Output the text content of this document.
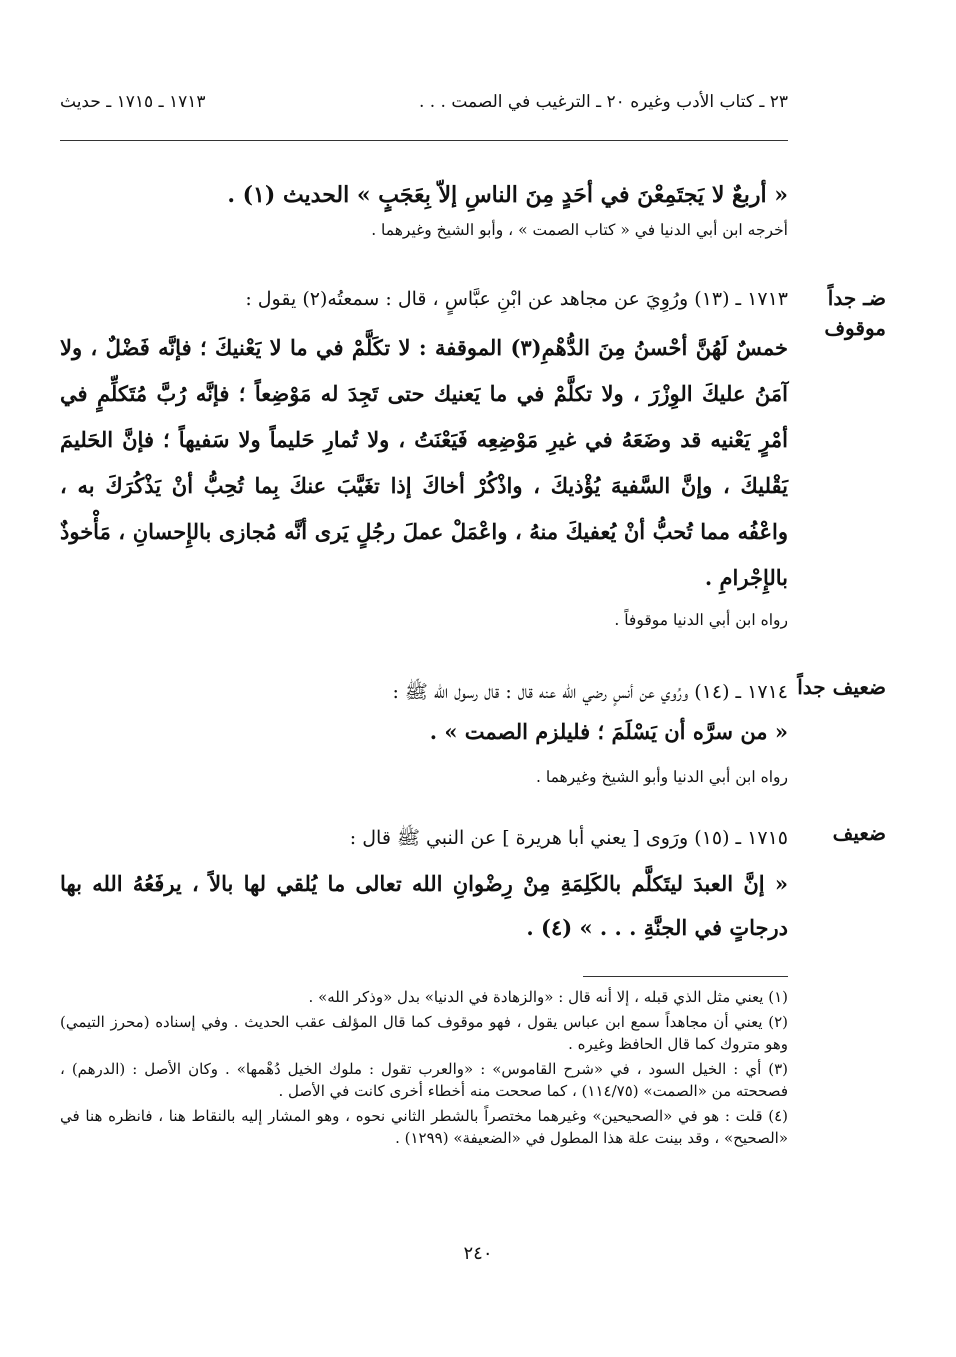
٢٣ ـ كتاب الأدب وغيره ٢٠ ـ الترغيب في الصمت . . .
١٧١٣ ـ ١٧١٥ ـ حديث
« أربعٌ لا يَجتَمِعْنَ في أحَدٍ مِنَ الناسِ إلاّ بِعَجَبٍ » الحديث (١) .
أخرجه ابن أبي الدنيا في « كتاب الصمت » ، وأبو الشيخ وغيرهما .
ضـ جداً موقوف
١٧١٣ ـ (١٣) ورُوِيَ عن مجاهد عن ابْنِ عبَّاسٍ ، قال : سمعتُه(٢) يقول :
خمسٌ لَهُنَّ أحْسنُ مِنَ الدُّهْمِ(٣) الموقفة : لا تكَلَّمْ في ما لا يَعْنيكَ ؛ فإنَّه فَضْلٌ ، ولا آمَنُ عليكَ الوِزْرَ ، ولا تكلَّمْ في ما يَعنيك حتى تَجِدَ له مَوْضِعاً ؛ فإنَّه رُبَّ مُتَكلِّمٍ في أمْرٍ يَعْنيه قد وضَعَهُ في غيرِ مَوْضِعِه فَيَعْنَتُ ، ولا تُمارِ حَليماً ولا سَفيهاً ؛ فإنَّ الحَليمَ يَقْليكَ ، وإنَّ السَّفيهَ يُؤْذيكَ ، واذْكُرْ أخاكَ إذا تغَيَّبَ عنكَ بِما تُحِبُّ أنْ يَذْكُرَكَ به ، واعْفُه مما تُحبُّ أنْ يُعفيكَ منهُ ، واعْمَلْ عملَ رجُلٍ يَرى أنَّه مُجازى بالإِحسانِ ، مَأْخوذٌ بالإِجْرامِ .
رواه ابن أبي الدنيا موقوفاً .
ضعيف جداً
١٧١٤ ـ (١٤) ورُوي عن أنسٍ رضي الله عنه قال : قال رسول الله ﷺ :
« من سرَّه أن يَسْلَمَ ؛ فليلزم الصمت » .
رواه ابن أبي الدنيا وأبو الشيخ وغيرهما .
ضعيف
١٧١٥ ـ (١٥) ورَوى [ يعني أبا هريرة ] عن النبي ﷺ قال :
« إنَّ العبدَ ليتَكلَّم بالكَلِمَةِ مِنْ رِضْوانِ الله تعالى ما يُلقي لها بالاً ، يرفَعُهُ الله بها درجاتٍ في الجنَّةِ . . . » (٤) .
(١) يعني مثل الذي قبله ، إلا أنه قال : «والزهادة في الدنيا» بدل «وذكر الله» .
(٢) يعني أن مجاهداً سمع ابن عباس يقول ، فهو موقوف كما قال المؤلف عقب الحديث . وفي إسناده (محرز التيمي) وهو متروك كما قال الحافظ وغيره .
(٣) أي : الخيل السود ، في «شرح القاموس» : «والعرب تقول : ملوك الخيل دُهْمها» . وكان الأصل : (الدرهم) ، فصححته من «الصمت» (١١٤/٧٥) ، كما صححت منه أخطاء أخرى كانت في الأصل .
(٤) قلت : هو في «الصحيحين» وغيرهما مختصراً بالشطر الثاني نحوه ، وهو المشار إليه بالنقاط هنا ، فانظره هنا في «الصحيح» ، وقد بينت علة هذا المطول في «الضعيفة» (١٢٩٩) .
٢٤٠
